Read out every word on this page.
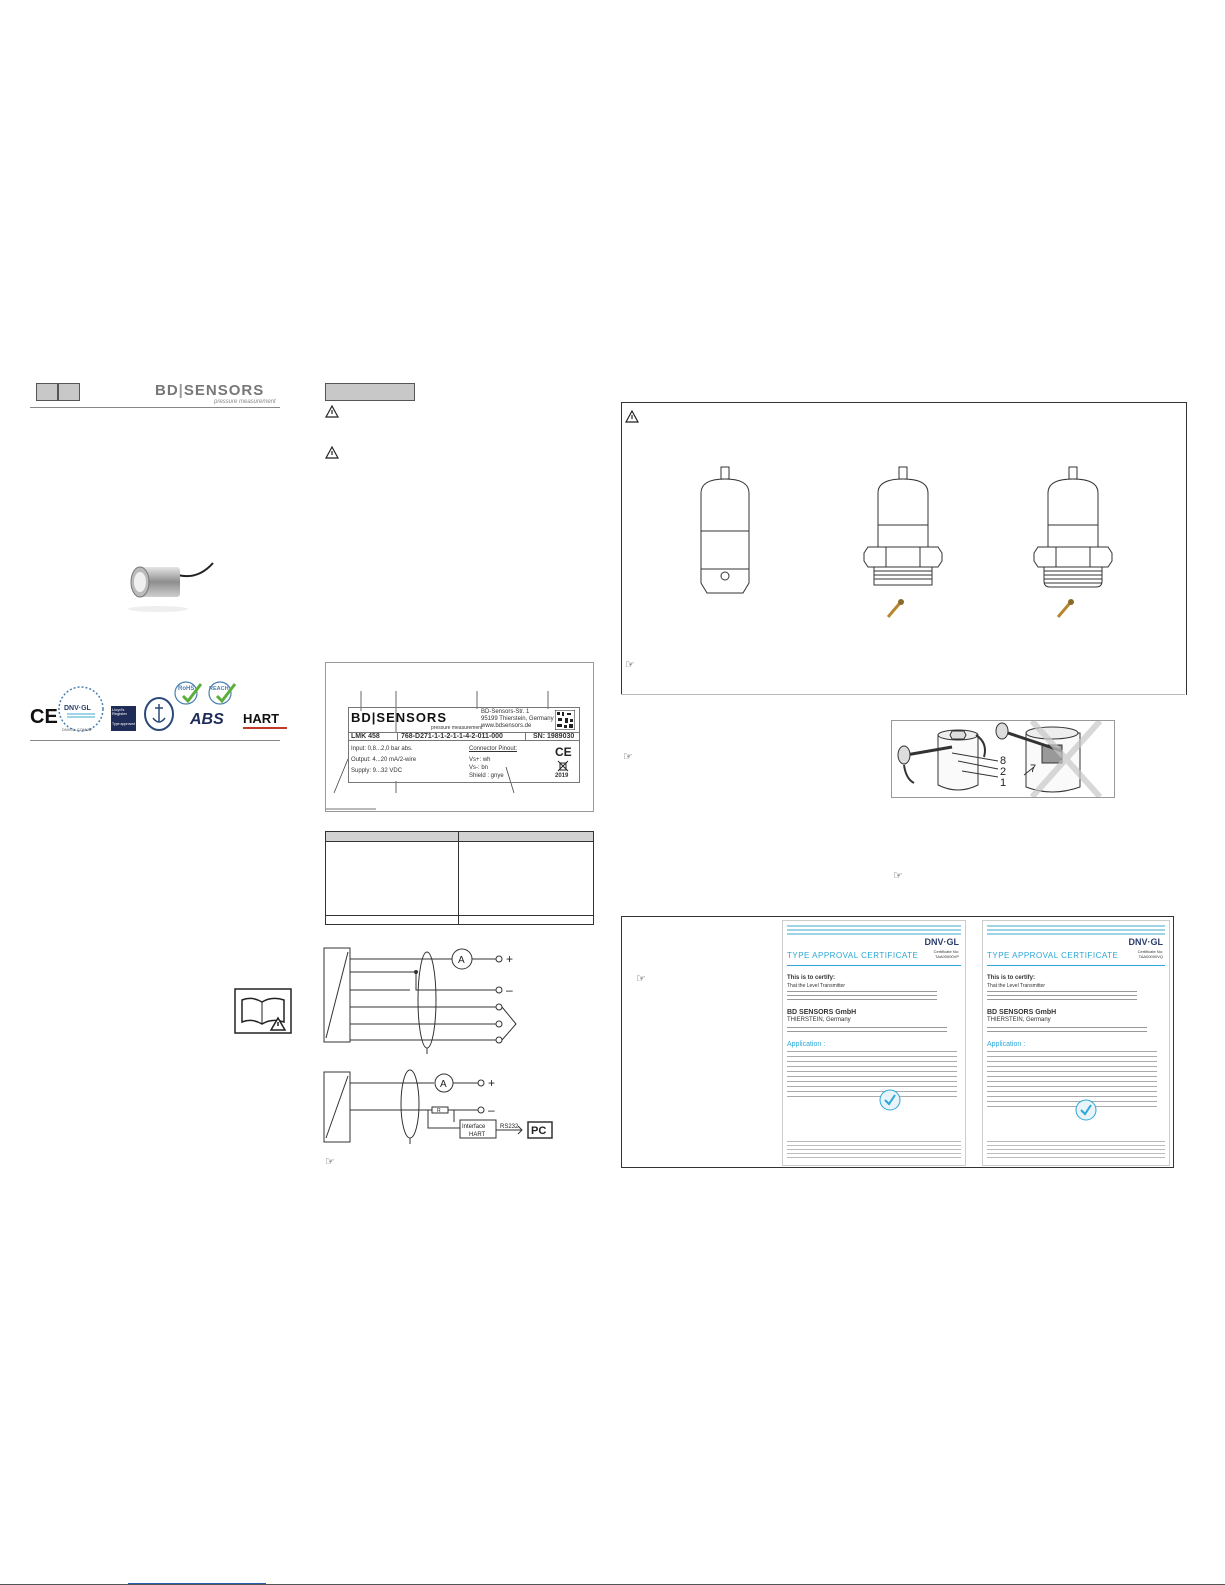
BD|SENSORS
pressure measurement
CE DNV·GL
DNVGL.COM/AF
Lloyd's Register
Type approved
RoHS	REACH
ABS HART	BD|SENSORS
pressure measurement
BD-Sensors-Str. 1
95199 Thierstein, Germany
www.bdsensors.de
LMK 458	768-D271-1-1-2-1-1-4-2-011-000	SN: 1989030
Input: 0,8...2,0 bar abs.
Output: 4...20 mA/2-wire
Supply: 9...32 VDC
Connector Pinout:
Vs+: wh
Vs-: bn
Shield : gnye
CE
2019
A	+
–
A	+
–
R
Interface
HART
RS232 PC
☞
☞
☞	8
2
1
7
☞
☞
DNV·GL
Certificate No: TAA00000VP
TYPE APPROVAL CERTIFICATE
This is to certify:
That the Level Transmitter
BD SENSORS GmbH
THIERSTEIN, Germany
Application :
DNV·GL
Certificate No: TAA00000VQ
TYPE APPROVAL CERTIFICATE
This is to certify:
That the Level Transmitter
BD SENSORS GmbH
THIERSTEIN, Germany
Application :
